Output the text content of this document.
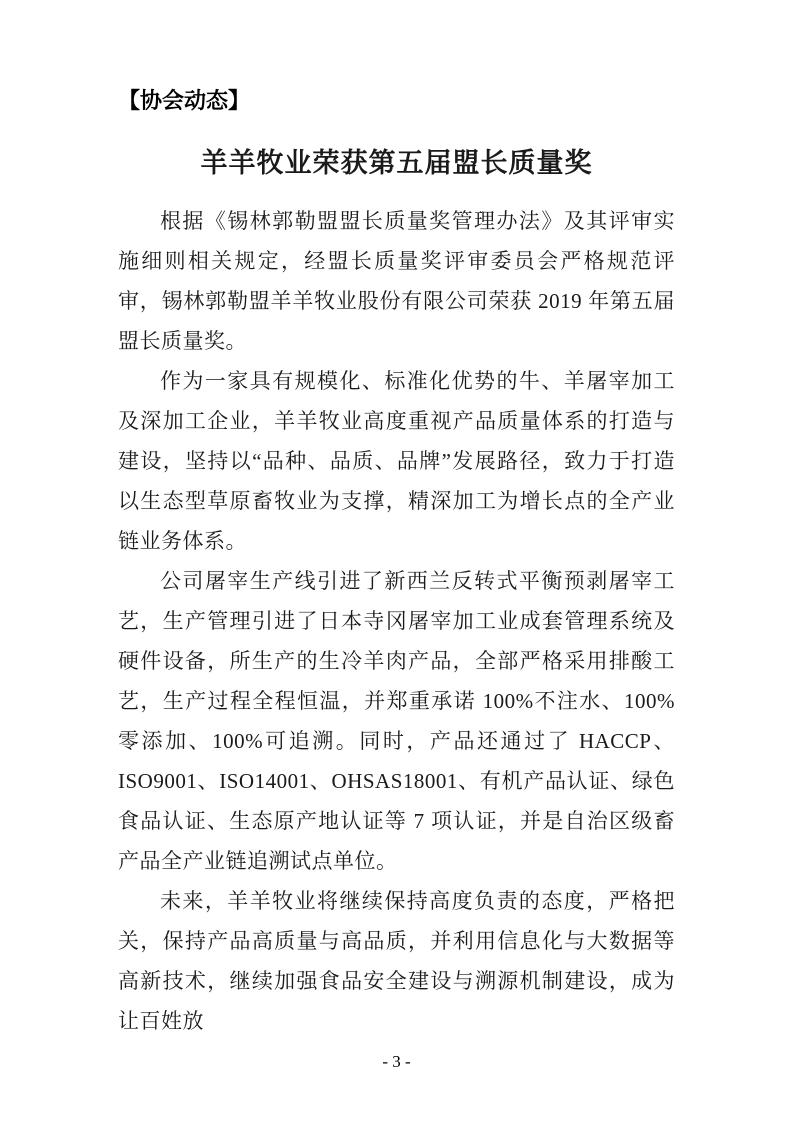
【协会动态】
羊羊牧业荣获第五届盟长质量奖

根据《锡林郭勒盟盟长质量奖管理办法》及其评审实施细则相关规定，经盟长质量奖评审委员会严格规范评审，锡林郭勒盟羊羊牧业股份有限公司荣获 2019 年第五届盟长质量奖。

作为一家具有规模化、标准化优势的牛、羊屠宰加工及深加工企业，羊羊牧业高度重视产品质量体系的打造与建设，坚持以“品种、品质、品牌”发展路径，致力于打造以生态型草原畜牧业为支撑，精深加工为增长点的全产业链业务体系。

公司屠宰生产线引进了新西兰反转式平衡预剥屠宰工艺，生产管理引进了日本寺冈屠宰加工业成套管理系统及硬件设备，所生产的生冷羊肉产品，全部严格采用排酸工艺，生产过程全程恒温，并郑重承诺 100%不注水、100%零添加、100%可追溯。同时，产品还通过了 HACCP、ISO9001、ISO14001、OHSAS18001、有机产品认证、绿色食品认证、生态原产地认证等 7 项认证，并是自治区级畜产品全产业链追溯试点单位。

未来，羊羊牧业将继续保持高度负责的态度，严格把关，保持产品高质量与高品质，并利用信息化与大数据等高新技术，继续加强食品安全建设与溯源机制建设，成为让百姓放

- 3 -
